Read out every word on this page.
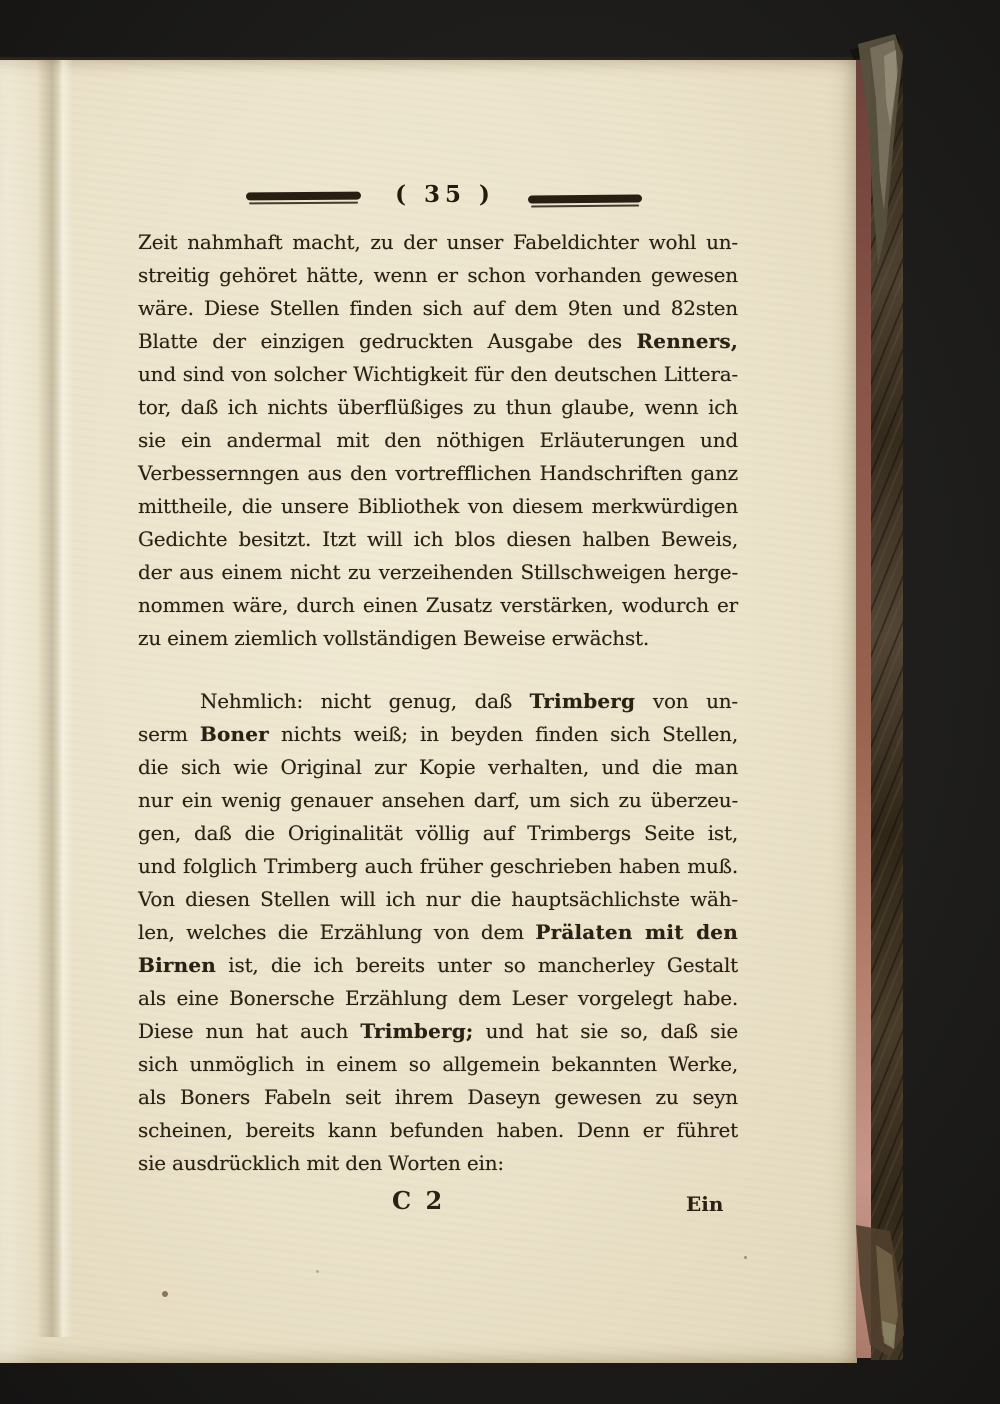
( 35 )
Zeit nahmhaft macht, zu der unser Fabeldichter wohl un-
streitig gehöret hätte, wenn er schon vorhanden gewesen
wäre. Diese Stellen finden sich auf dem 9ten und 82sten
Blatte der einzigen gedruckten Ausgabe des Renners,
und sind von solcher Wichtigkeit für den deutschen Littera-
tor, daß ich nichts überflüßiges zu thun glaube, wenn ich
sie ein andermal mit den nöthigen Erläuterungen und
Verbessernngen aus den vortrefflichen Handschriften ganz
mittheile, die unsere Bibliothek von diesem merkwürdigen
Gedichte besitzt. Itzt will ich blos diesen halben Beweis,
der aus einem nicht zu verzeihenden Stillschweigen herge-
nommen wäre, durch einen Zusatz verstärken, wodurch er
zu einem ziemlich vollständigen Beweise erwächst.
Nehmlich: nicht genug, daß Trimberg von un-
serm Boner nichts weiß; in beyden finden sich Stellen,
die sich wie Original zur Kopie verhalten, und die man
nur ein wenig genauer ansehen darf, um sich zu überzeu-
gen, daß die Originalität völlig auf Trimbergs Seite ist,
und folglich Trimberg auch früher geschrieben haben muß.
Von diesen Stellen will ich nur die hauptsächlichste wäh-
len, welches die Erzählung von dem Prälaten mit den
Birnen ist, die ich bereits unter so mancherley Gestalt
als eine Bonersche Erzählung dem Leser vorgelegt habe.
Diese nun hat auch Trimberg; und hat sie so, daß sie
sich unmöglich in einem so allgemein bekannten Werke,
als Boners Fabeln seit ihrem Daseyn gewesen zu seyn
scheinen, bereits kann befunden haben. Denn er führet
sie ausdrücklich mit den Worten ein:
C 2	Ein
